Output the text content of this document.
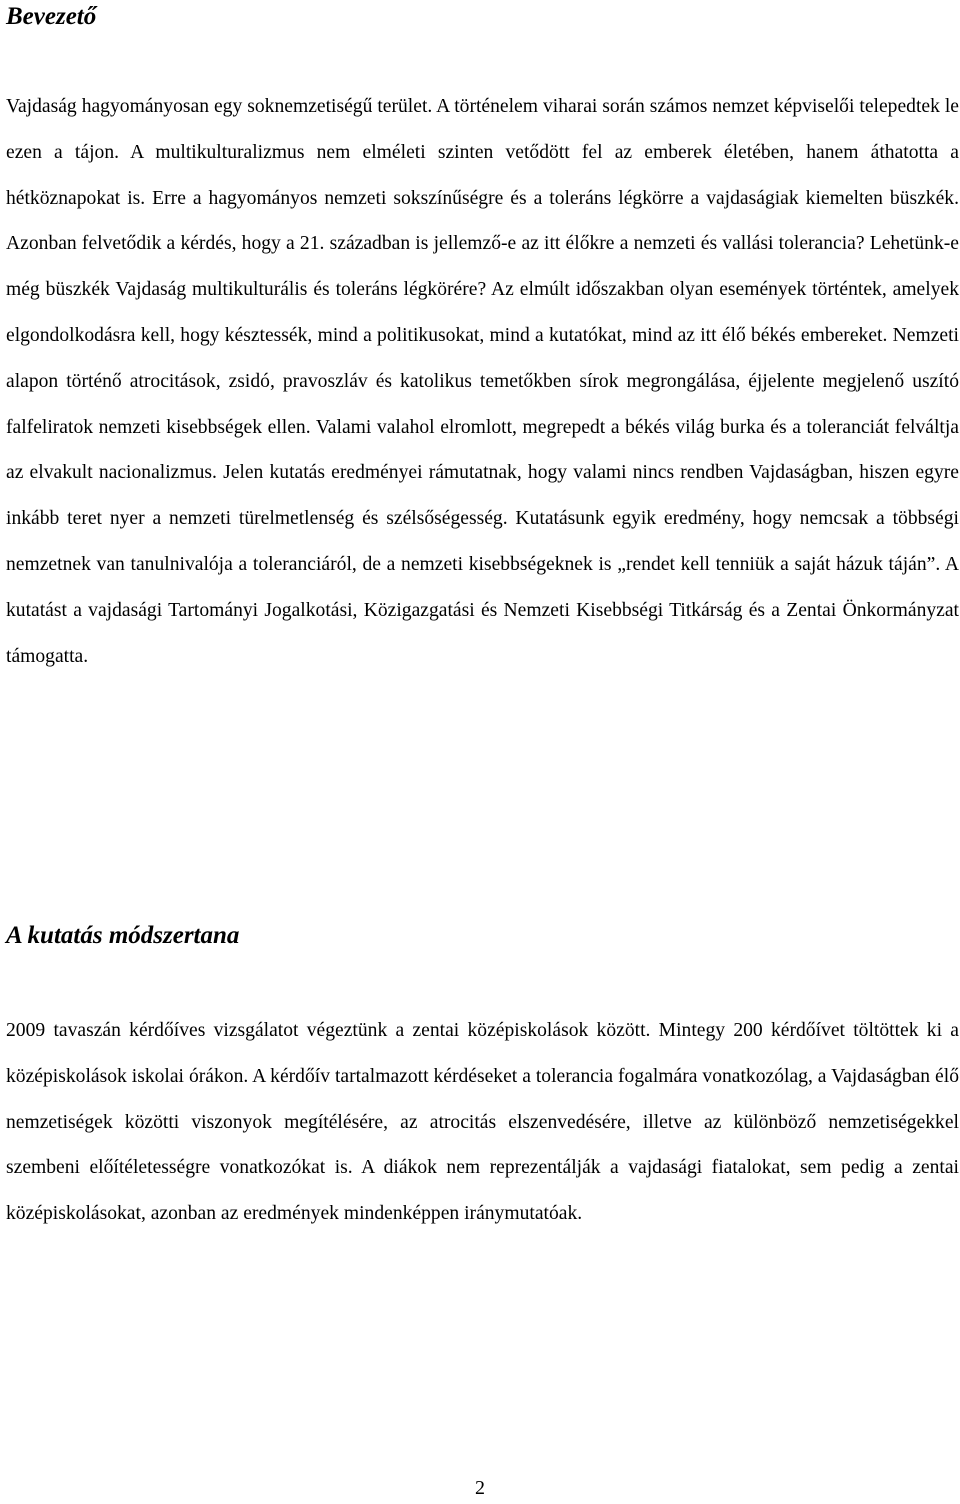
Bevezető

Vajdaság hagyományosan egy soknemzetiségű terület. A történelem viharai során számos nemzet képviselői telepedtek le ezen a tájon. A multikulturalizmus nem elméleti szinten vetődött fel az emberek életében, hanem áthatotta a hétköznapokat is. Erre a hagyományos nemzeti sokszínűségre és a toleráns légkörre a vajdaságiak kiemelten büszkék. Azonban felvetődik a kérdés, hogy a 21. században is jellemző-e az itt élőkre a nemzeti és vallási tolerancia? Lehetünk-e még büszkék Vajdaság multikulturális és toleráns légkörére? Az elmúlt időszakban olyan események történtek, amelyek elgondolkodásra kell, hogy késztessék, mind a politikusokat, mind a kutatókat, mind az itt élő békés embereket. Nemzeti alapon történő atrocitások, zsidó, pravoszláv és katolikus temetőkben sírok megrongálása, éjjelente megjelenő uszító falfeliratok nemzeti kisebbségek ellen. Valami valahol elromlott, megrepedt a békés világ burka és a toleranciát felváltja az elvakult nacionalizmus. Jelen kutatás eredményei rámutatnak, hogy valami nincs rendben Vajdaságban, hiszen egyre inkább teret nyer a nemzeti türelmetlenség és szélsőségesség. Kutatásunk egyik eredmény, hogy nemcsak a többségi nemzetnek van tanulnivalója a toleranciáról, de a nemzeti kisebbségeknek is „rendet kell tenniük a saját házuk táján”. A kutatást a vajdasági Tartományi Jogalkotási, Közigazgatási és Nemzeti Kisebbségi Titkárság és a Zentai Önkormányzat támogatta.

A kutatás módszertana

2009 tavaszán kérdőíves vizsgálatot végeztünk a zentai középiskolások között. Mintegy 200 kérdőívet töltöttek ki a középiskolások iskolai órákon. A kérdőív tartalmazott kérdéseket a tolerancia fogalmára vonatkozólag, a Vajdaságban élő nemzetiségek közötti viszonyok megítélésére, az atrocitás elszenvedésére, illetve az különböző nemzetiségekkel szembeni előítéletességre vonatkozókat is. A diákok nem reprezentálják a vajdasági fiatalokat, sem pedig a zentai középiskolásokat, azonban az eredmények mindenképpen iránymutatóak.

2
